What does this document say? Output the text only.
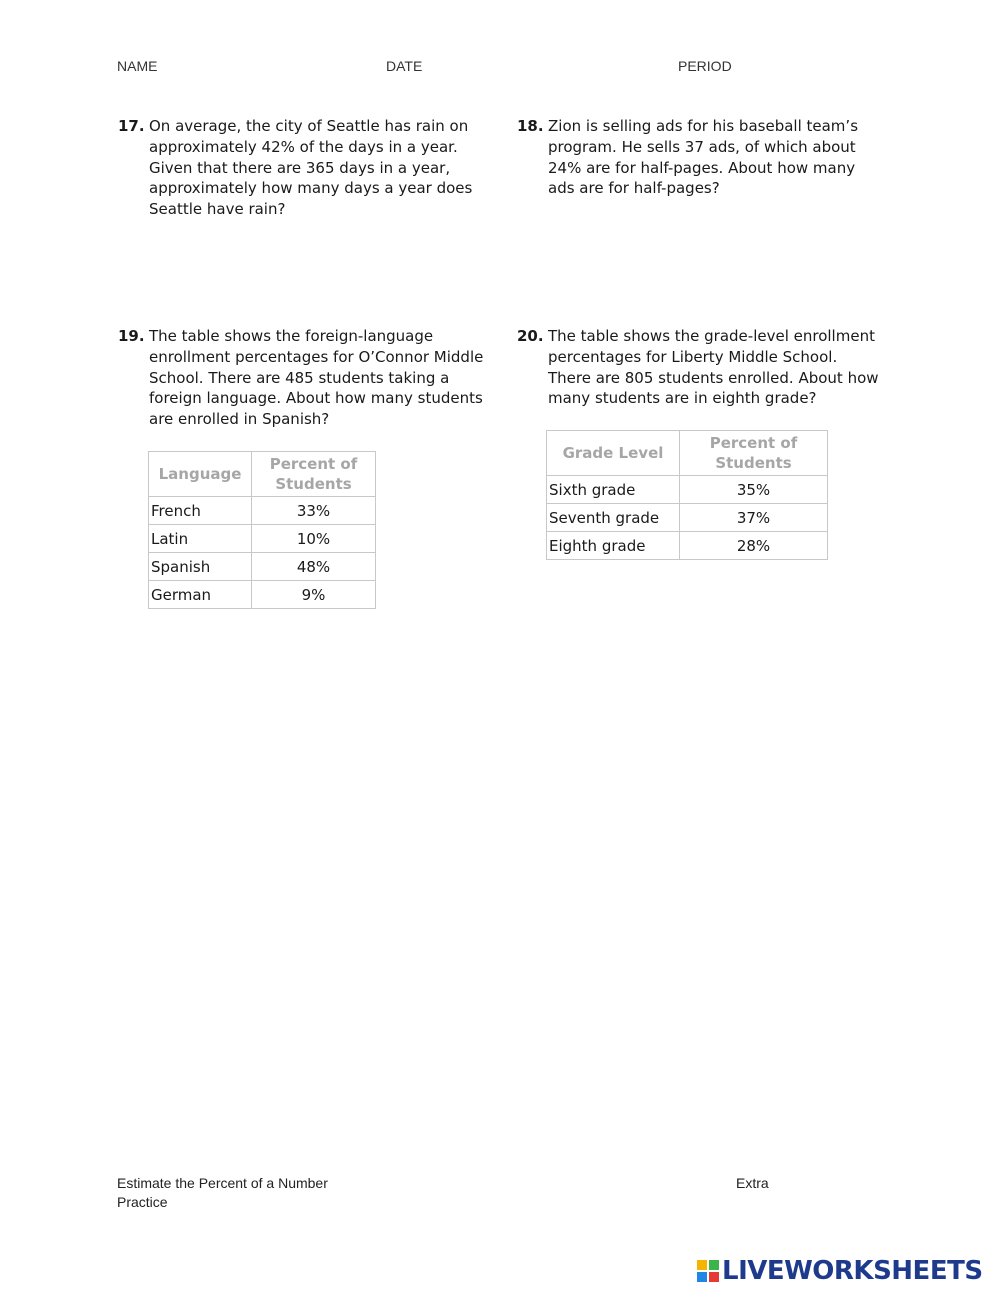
NAME	DATE	PERIOD
17. On average, the city of Seattle has rain on approximately 42% of the days in a year. Given that there are 365 days in a year, approximately how many days a year does Seattle have rain?
18. Zion is selling ads for his baseball team’s program. He sells 37 ads, of which about 24% are for half-pages. About how many ads are for half-pages?
19. The table shows the foreign-language enrollment percentages for O’Connor Middle School. There are 485 students taking a foreign language. About how many students are enrolled in Spanish?
20. The table shows the grade-level enrollment percentages for Liberty Middle School. There are 805 students enrolled. About how many students are in eighth grade?
Language	Percent of Students
French	33%
Latin	10%
Spanish	48%
German	9%
Grade Level	Percent of Students
Sixth grade	35%
Seventh grade	37%
Eighth grade	28%
Estimate the Percent of a Number
Practice
Extra
LIVEWORKSHEETS
